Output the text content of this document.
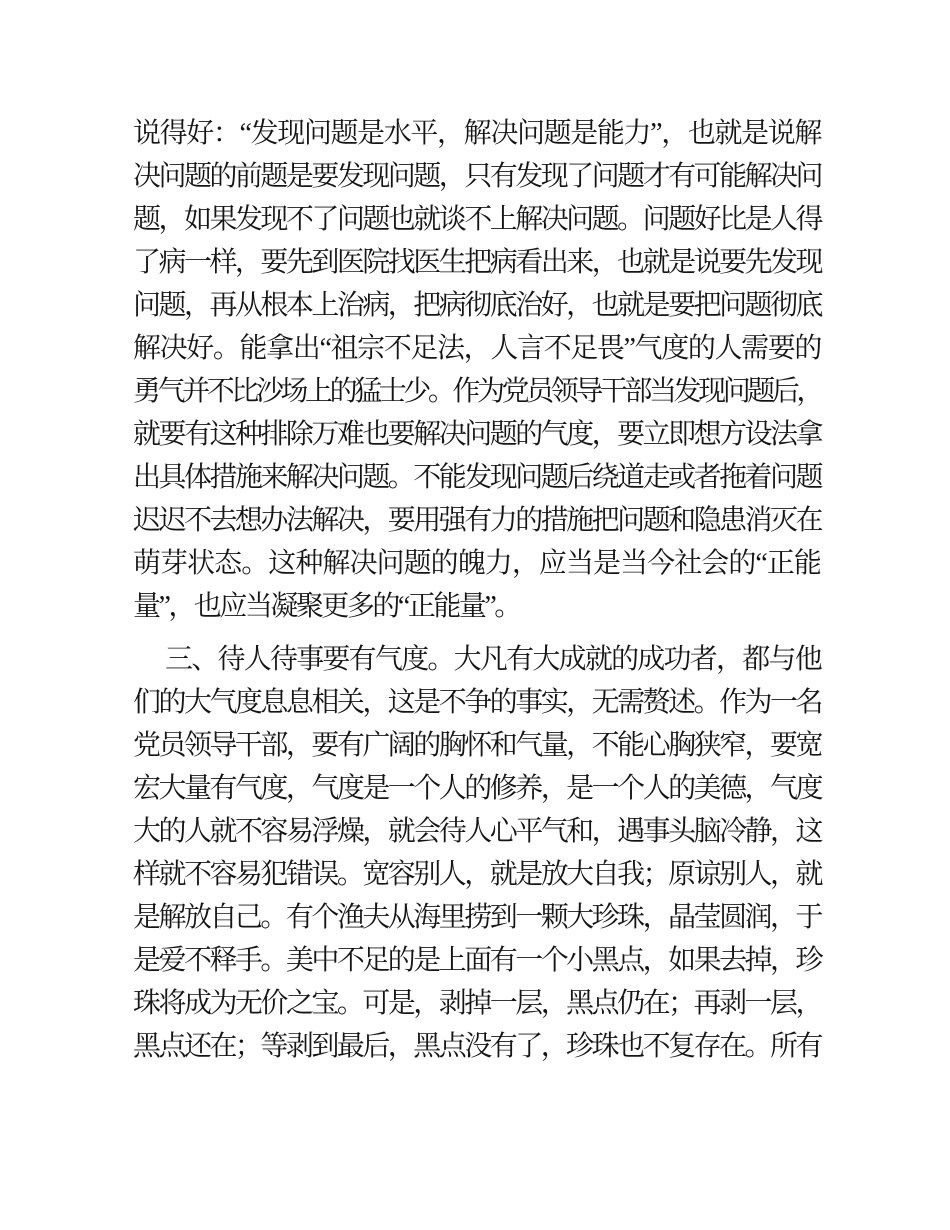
说得好：“发现问题是水平，解决问题是能力”，也就是说解
决问题的前题是要发现问题，只有发现了问题才有可能解决问
题，如果发现不了问题也就谈不上解决问题。问题好比是人得
了病一样，要先到医院找医生把病看出来，也就是说要先发现
问题，再从根本上治病，把病彻底治好，也就是要把问题彻底
解决好。能拿出“祖宗不足法，人言不足畏”气度的人需要的
勇气并不比沙场上的猛士少。作为党员领导干部当发现问题后，
就要有这种排除万难也要解决问题的气度，要立即想方设法拿
出具体措施来解决问题。不能发现问题后绕道走或者拖着问题
迟迟不去想办法解决，要用强有力的措施把问题和隐患消灭在
萌芽状态。这种解决问题的魄力，应当是当今社会的“正能
量”，也应当凝聚更多的“正能量”。
三、待人待事要有气度。大凡有大成就的成功者，都与他
们的大气度息息相关，这是不争的事实，无需赘述。作为一名
党员领导干部，要有广阔的胸怀和气量，不能心胸狭窄，要宽
宏大量有气度，气度是一个人的修养，是一个人的美德，气度
大的人就不容易浮燥，就会待人心平气和，遇事头脑冷静，这
样就不容易犯错误。宽容别人，就是放大自我；原谅别人，就
是解放自己。有个渔夫从海里捞到一颗大珍珠，晶莹圆润，于
是爱不释手。美中不足的是上面有一个小黑点，如果去掉，珍
珠将成为无价之宝。可是，剥掉一层，黑点仍在；再剥一层，
黑点还在；等剥到最后，黑点没有了，珍珠也不复存在。所有
